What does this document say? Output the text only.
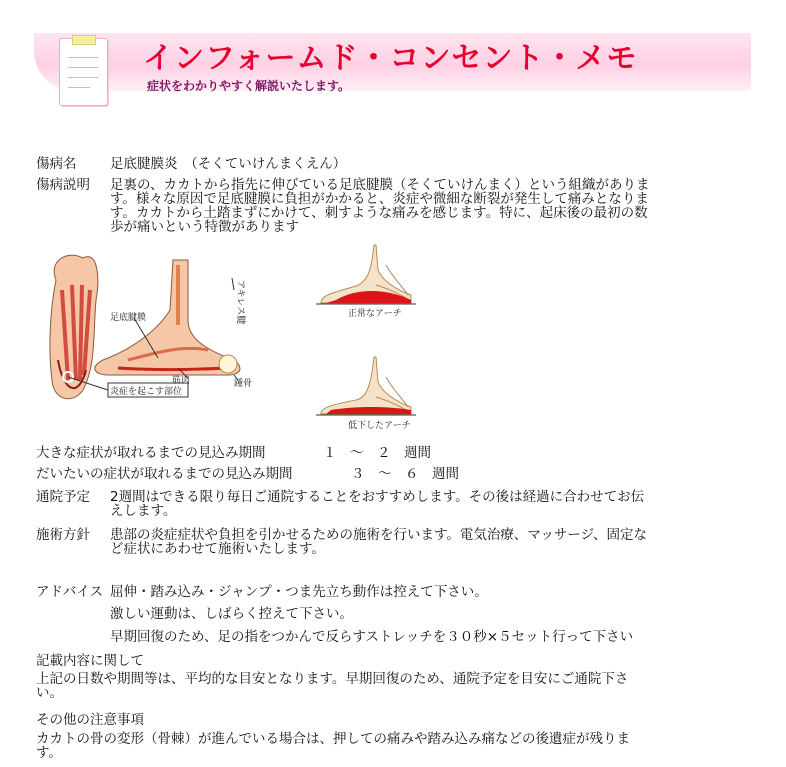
インフォームド・コンセント・メモ
症状をわかりやすく解説いたします。
傷病名 足底腱膜炎　（そくていけんまくえん）
傷病説明 足裏の、カカトから指先に伸びている足底腱膜（そくていけんまく）という組織がありま
す。様々な原因で足底腱膜に負担がかかると、炎症や微細な断裂が発生して痛みとなりま
す。カカトから土踏まずにかけて、刺すような痛みを感じます。特に、起床後の最初の数
歩が痛いという特徴があります
炎症を起こす部位
足底腱膜
筋肉	踵骨
アキレス腱	正常なアーチ
低下したアーチ
大きな症状が取れるまでの見込み期間	１　～　２　週間
だいたいの症状が取れるまでの見込み期間	３　～　６　週間
通院予定 2週間はできる限り毎日ご通院することをおすすめします。その後は経過に合わせてお伝
えします。
施術方針 患部の炎症症状や負担を引かせるための施術を行います。電気治療、マッサージ、固定な
ど症状にあわせて施術いたします。
アドバイス 屈伸・踏み込み・ジャンプ・つま先立ち動作は控えて下さい。
激しい運動は、しばらく控えて下さい。
早期回復のため、足の指をつかんで反らすストレッチを３０秒×５セット行って下さい
記載内容に関して
上記の日数や期間等は、平均的な目安となります。早期回復のため、通院予定を目安にご通院下さ
い。
その他の注意事項
カカトの骨の変形（骨棘）が進んでいる場合は、押しての痛みや踏み込み痛などの後遺症が残りま
す。
